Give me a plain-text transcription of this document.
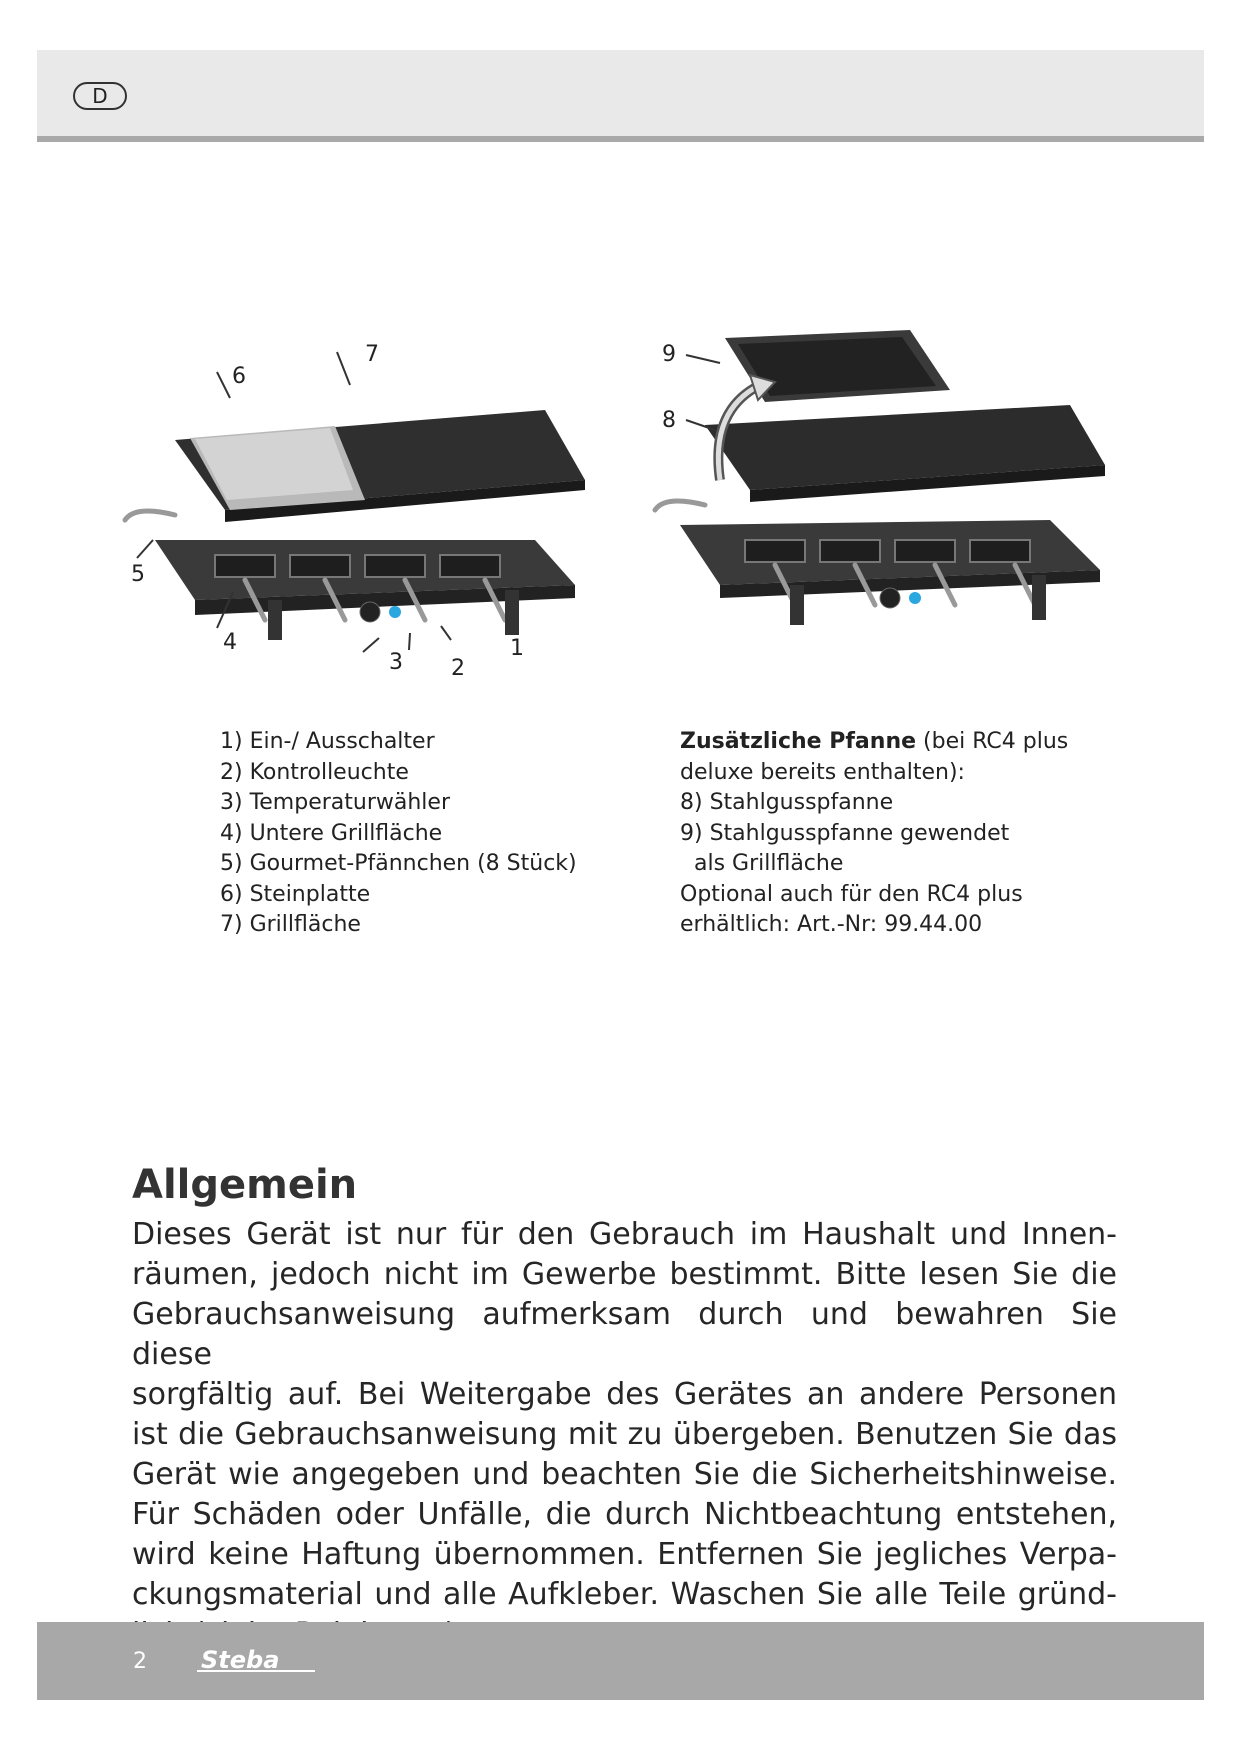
D
7
6
5
4
3 2
1
9
8
1) Ein-/ Ausschalter
2) Kontrolleuchte
3) Temperaturwähler
4) Untere Grillfläche
5) Gourmet-Pfännchen (8 Stück)
6) Steinplatte
7) Grillfläche
Zusätzliche Pfanne (bei RC4 plus
deluxe bereits enthalten):
8) Stahlgusspfanne
9) Stahlgusspfanne gewendet
als Grillfläche
Optional auch für den RC4 plus
erhältlich: Art.-Nr: 99.44.00
Allgemein
Dieses Gerät ist nur für den Gebrauch im Haushalt und Innen-
räumen, jedoch nicht im Gewerbe bestimmt. Bitte lesen Sie die
Gebrauchsanweisung aufmerksam durch und bewahren Sie diese
sorgfältig auf. Bei Weitergabe des Gerätes an andere Personen
ist die Gebrauchsanweisung mit zu übergeben. Benutzen Sie das
Gerät wie angegeben und beachten Sie die Sicherheitshinweise.
Für Schäden oder Unfälle, die durch Nichtbeachtung entstehen,
wird keine Haftung übernommen. Entfernen Sie jegliches Verpa-
ckungsmaterial und alle Aufkleber. Waschen Sie alle Teile gründ-
2 Steba
